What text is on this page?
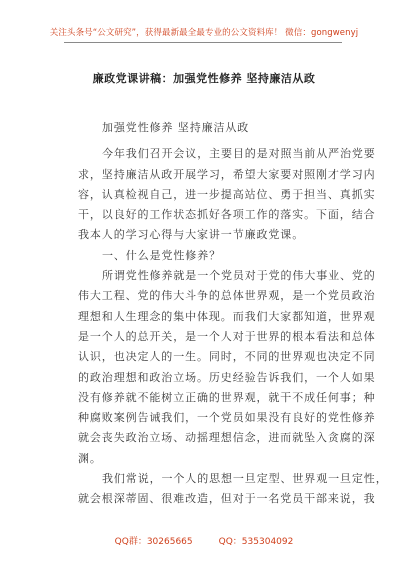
关注头条号“公文研究”，获得最新最全最专业的公文资料库！ 微信：gongwenyj
廉政党课讲稿：加强党性修养 坚持廉洁从政
加强党性修养 坚持廉洁从政
今年我们召开会议，主要目的是对照当前从严治党要
求，坚持廉洁从政开展学习，希望大家要对照刚才学习内
容，认真检视自己，进一步提高站位、勇于担当、真抓实
干，以良好的工作状态抓好各项工作的落实。下面，结合
我本人的学习心得与大家讲一节廉政党课。
一、什么是党性修养？
所谓党性修养就是一个党员对于党的伟大事业、党的
伟大工程、党的伟大斗争的总体世界观，是一个党员政治
理想和人生理念的集中体现。而我们大家都知道，世界观
是一个人的总开关，是一个人对于世界的根本看法和总体
认识，也决定人的一生。同时，不同的世界观也决定不同
的政治理想和政治立场。历史经验告诉我们，一个人如果
没有修养就不能树立正确的世界观，就干不成任何事；种
种腐败案例告诫我们，一个党员如果没有良好的党性修养
就会丧失政治立场、动摇理想信念，进而就坠入贪腐的深
渊。
我们常说，一个人的思想一旦定型、世界观一旦定性，
就会根深蒂固、很难改造，但对于一名党员干部来说，我
QQ群：30265665	QQ：535304092
